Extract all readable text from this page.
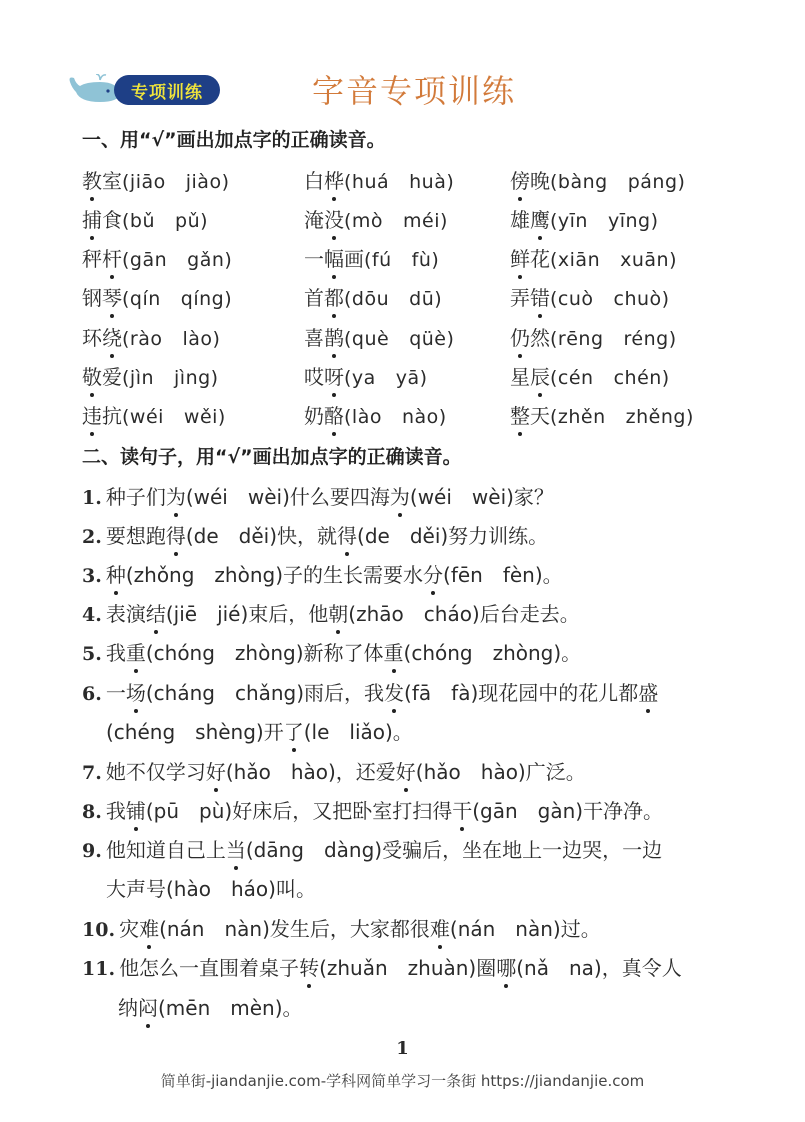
专项训练	字音专项训练
一、用“√”画出加点字的正确读音。
教室(jiāo  jiào)
捕食(bǔ  pǔ)
秤杆(gān  gǎn)
钢琴(qín  qíng)
环绕(rào  lào)
敬爱(jìn  jìng)
违抗(wéi  wěi)
白桦(huá  huà)
淹没(mò  méi)
一幅画(fú  fù)
首都(dōu  dū)
喜鹊(què  qüè)
哎呀(ya  yā)
奶酪(lào  nào)
傍晚(bàng  páng)
雄鹰(yīn  yīng)
鲜花(xiān  xuān)
弄错(cuò  chuò)
仍然(rēng  réng)
星辰(cén  chén)
整天(zhěn  zhěng)
二、读句子，用“√”画出加点字的正确读音。
1. 种子们为(wéi  wèi)什么要四海为(wéi  wèi)家？
2. 要想跑得(de  děi)快，就得(de  děi)努力训练。
3. 种(zhǒng  zhòng)子的生长需要水分(fēn  fèn)。
4. 表演结(jiē  jié)束后，他朝(zhāo  cháo)后台走去。
5. 我重(chóng  zhòng)新称了体重(chóng  zhòng)。
6. 一场(cháng  chǎng)雨后，我发(fā  fà)现花园中的花儿都盛
(chéng  shèng)开了(le  liǎo)。
7. 她不仅学习好(hǎo  hào)，还爱好(hǎo  hào)广泛。
8. 我铺(pū  pù)好床后，又把卧室打扫得干(gān  gàn)干净净。
9. 他知道自己上当(dāng  dàng)受骗后，坐在地上一边哭，一边
大声号(hào  háo)叫。
10. 灾难(nán  nàn)发生后，大家都很难(nán  nàn)过。
11. 他怎么一直围着桌子转(zhuǎn  zhuàn)圈哪(nǎ  na)，真令人
纳闷(mēn  mèn)。
1
简单街-jiandanjie.com-学科网简单学习一条街 https://jiandanjie.com
